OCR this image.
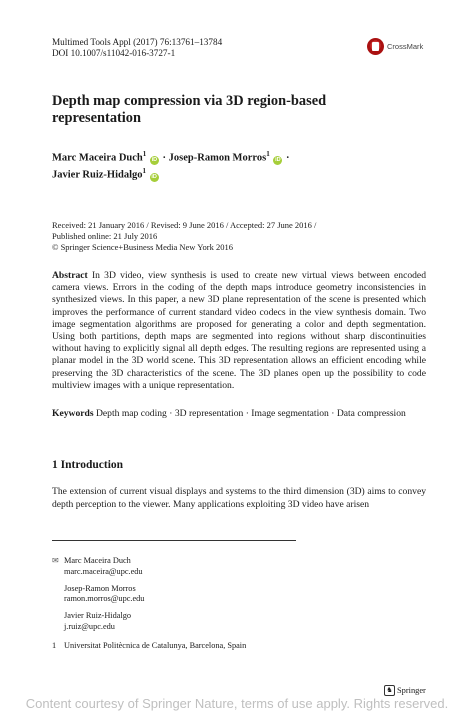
Multimed Tools Appl (2017) 76:13761–13784
DOI 10.1007/s11042-016-3727-1
CrossMark
Depth map compression via 3D region-based representation
Marc Maceira Duch$^1$ iD · Josep-Ramon Morros$^1$ iD ·
Javier Ruiz-Hidalgo$^1$ iD
Received: 21 January 2016 / Revised: 9 June 2016 / Accepted: 27 June 2016 /
Published online: 21 July 2016
© Springer Science+Business Media New York 2016
Abstract In 3D video, view synthesis is used to create new virtual views between encoded camera views. Errors in the coding of the depth maps introduce geometry inconsistencies in synthesized views. In this paper, a new 3D plane representation of the scene is presented which improves the performance of current standard video codecs in the view synthesis domain. Two image segmentation algorithms are proposed for generating a color and depth segmentation. Using both partitions, depth maps are segmented into regions without sharp discontinuities without having to explicitly signal all depth edges. The resulting regions are represented using a planar model in the 3D world scene. This 3D representation allows an efficient encoding while preserving the 3D characteristics of the scene. The 3D planes open up the possibility to code multiview images with a unique representation.
Keywords Depth map coding · 3D representation · Image segmentation · Data compression
1 Introduction
The extension of current visual displays and systems to the third dimension (3D) aims to convey depth perception to the viewer. Many applications exploiting 3D video have arisen
✉ Marc Maceira Duch
marc.maceira@upc.edu
Josep-Ramon Morros
ramon.morros@upc.edu
Javier Ruiz-Hidalgo
j.ruiz@upc.edu
1 Universitat Politècnica de Catalunya, Barcelona, Spain
♞ Springer
Content courtesy of Springer Nature, terms of use apply. Rights reserved.
